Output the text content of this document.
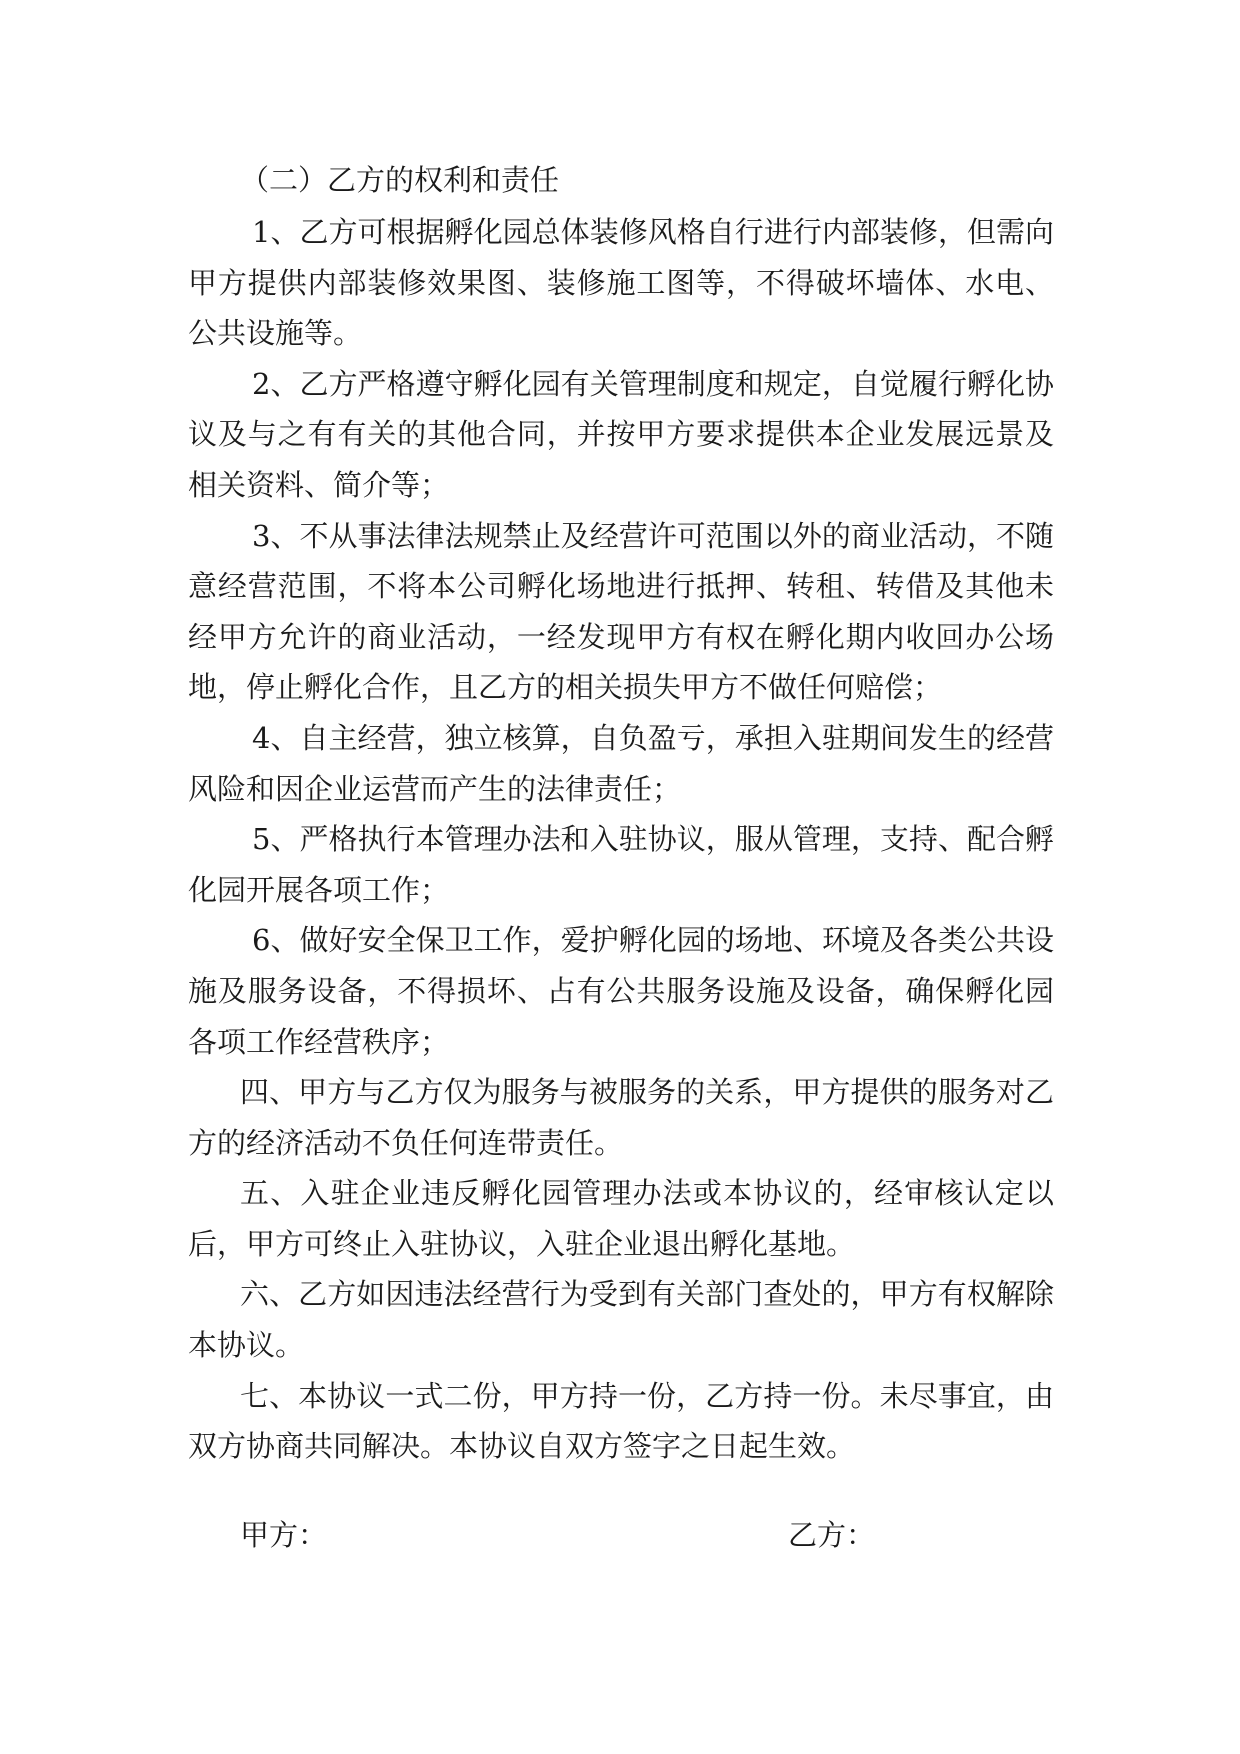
（二）乙方的权利和责任

1、乙方可根据孵化园总体装修风格自行进行内部装修，但需向甲方提供内部装修效果图、装修施工图等，不得破坏墙体、水电、公共设施等。

2、乙方严格遵守孵化园有关管理制度和规定，自觉履行孵化协议及与之有有关的其他合同，并按甲方要求提供本企业发展远景及相关资料、简介等；

3、不从事法律法规禁止及经营许可范围以外的商业活动，不随意经营范围，不将本公司孵化场地进行抵押、转租、转借及其他未经甲方允许的商业活动，一经发现甲方有权在孵化期内收回办公场地，停止孵化合作，且乙方的相关损失甲方不做任何赔偿；

4、自主经营，独立核算，自负盈亏，承担入驻期间发生的经营风险和因企业运营而产生的法律责任；

5、严格执行本管理办法和入驻协议，服从管理，支持、配合孵化园开展各项工作；

6、做好安全保卫工作，爱护孵化园的场地、环境及各类公共设施及服务设备，不得损坏、占有公共服务设施及设备，确保孵化园各项工作经营秩序；

四、甲方与乙方仅为服务与被服务的关系，甲方提供的服务对乙方的经济活动不负任何连带责任。

五、入驻企业违反孵化园管理办法或本协议的，经审核认定以后，甲方可终止入驻协议，入驻企业退出孵化基地。

六、乙方如因违法经营行为受到有关部门查处的，甲方有权解除本协议。

七、本协议一式二份，甲方持一份，乙方持一份。未尽事宜，由双方协商共同解决。本协议自双方签字之日起生效。

甲方：	乙方：
